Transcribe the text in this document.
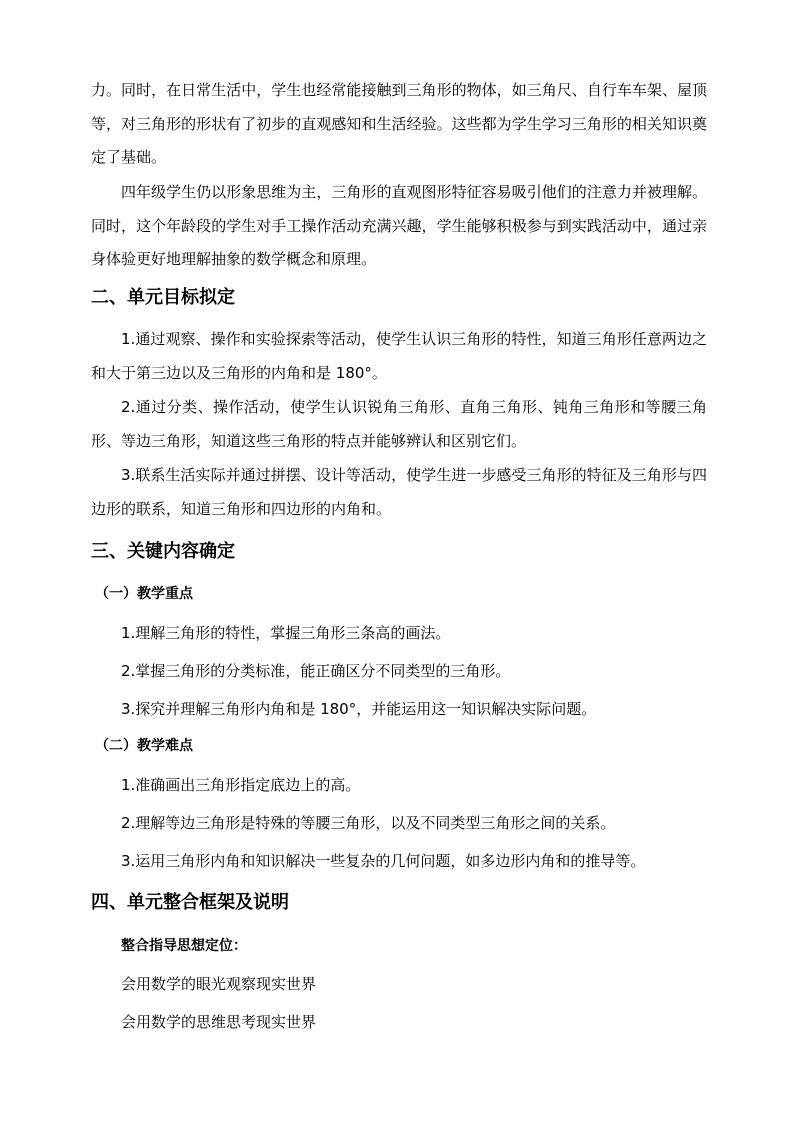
力。同时，在日常生活中，学生也经常能接触到三角形的物体，如三角尺、自行车车架、屋顶等，对三角形的形状有了初步的直观感知和生活经验。这些都为学生学习三角形的相关知识奠定了基础。

四年级学生仍以形象思维为主，三角形的直观图形特征容易吸引他们的注意力并被理解。同时，这个年龄段的学生对手工操作活动充满兴趣，学生能够积极参与到实践活动中，通过亲身体验更好地理解抽象的数学概念和原理。

二、单元目标拟定

1.通过观察、操作和实验探索等活动，使学生认识三角形的特性，知道三角形任意两边之和大于第三边以及三角形的内角和是 180°。

2.通过分类、操作活动，使学生认识锐角三角形、直角三角形、钝角三角形和等腰三角形、等边三角形，知道这些三角形的特点并能够辨认和区别它们。

3.联系生活实际并通过拼摆、设计等活动，使学生进一步感受三角形的特征及三角形与四边形的联系，知道三角形和四边形的内角和。

三、关键内容确定
（一）教学重点

1.理解三角形的特性，掌握三角形三条高的画法。

2.掌握三角形的分类标准，能正确区分不同类型的三角形。

3.探究并理解三角形内角和是 180°，并能运用这一知识解决实际问题。

（二）教学难点

1.准确画出三角形指定底边上的高。

2.理解等边三角形是特殊的等腰三角形，以及不同类型三角形之间的关系。

3.运用三角形内角和知识解决一些复杂的几何问题，如多边形内角和的推导等。

四、单元整合框架及说明
整合指导思想定位：

会用数学的眼光观察现实世界

会用数学的思维思考现实世界
